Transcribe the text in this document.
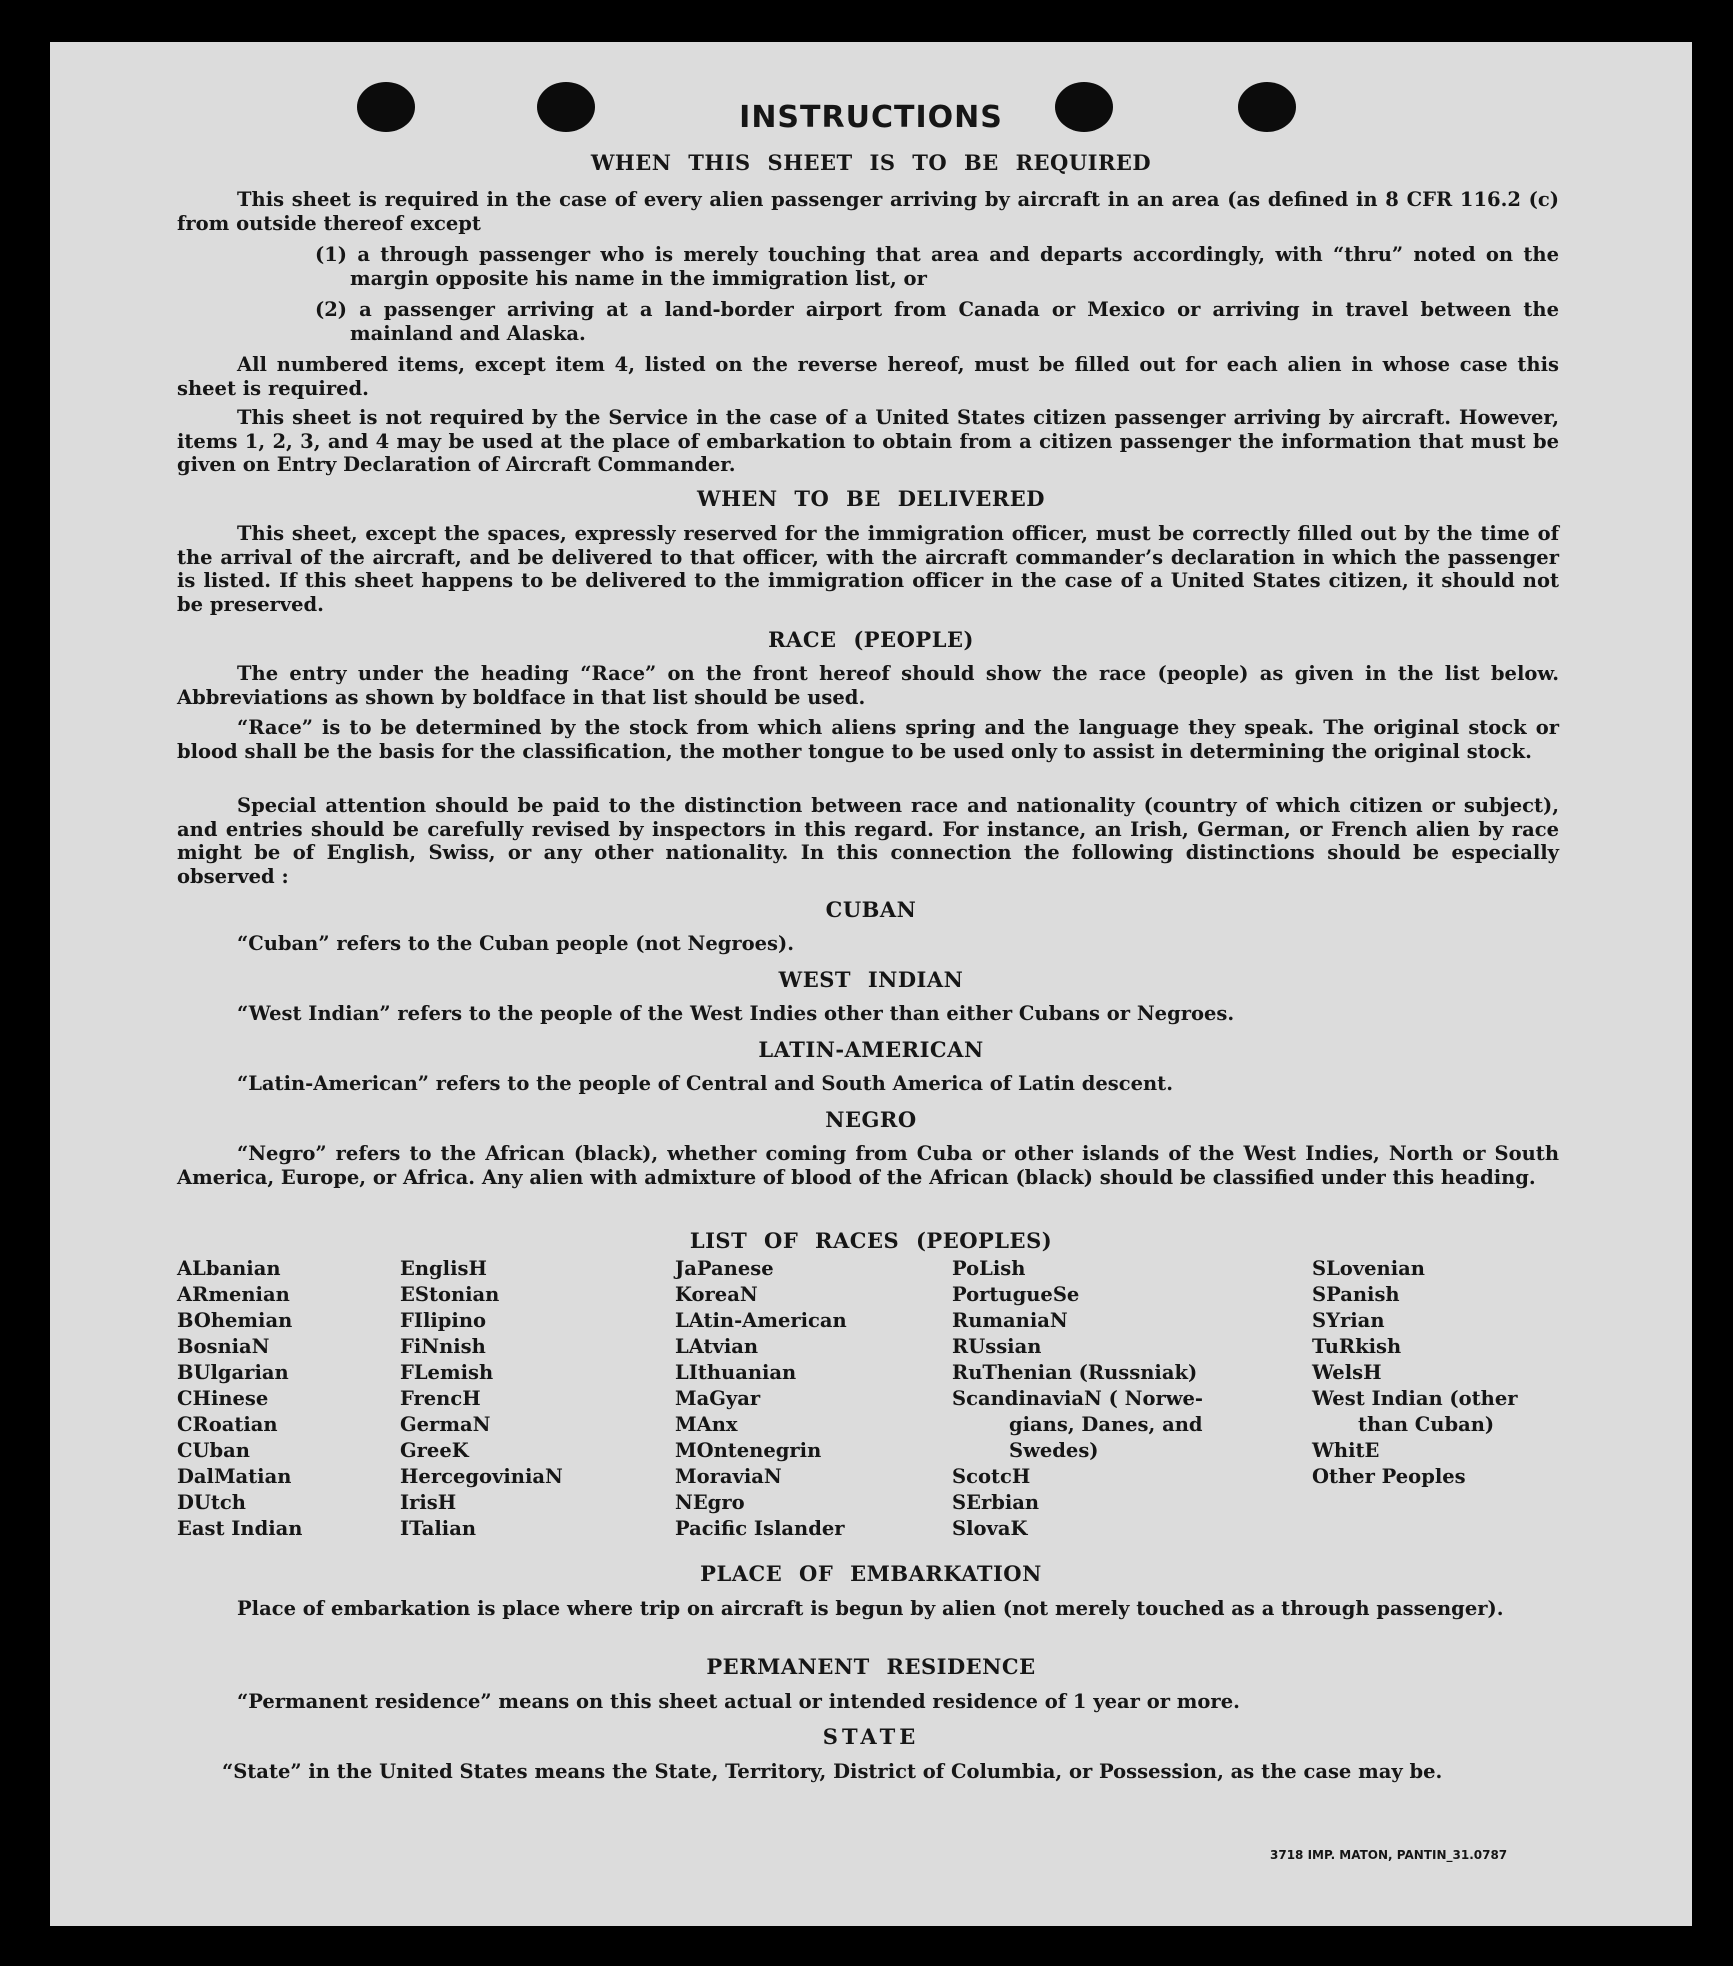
INSTRUCTIONS
WHEN THIS SHEET IS TO BE REQUIRED

This sheet is required in the case of every alien passenger arriving by aircraft in an area (as defined in 8 CFR 116.2 (c) from outside thereof except

(1) a through passenger who is merely touching that area and departs accordingly, with “thru” noted on the margin opposite his name in the immigration list, or

(2) a passenger arriving at a land-border airport from Canada or Mexico or arriving in travel between the mainland and Alaska.

All numbered items, except item 4, listed on the reverse hereof, must be filled out for each alien in whose case this sheet is required.

This sheet is not required by the Service in the case of a United States citizen passenger arriving by aircraft. However, items 1, 2, 3, and 4 may be used at the place of embarkation to obtain from a citizen passenger the information that must be given on Entry Declaration of Aircraft Commander.

WHEN TO BE DELIVERED

This sheet, except the spaces, expressly reserved for the immigration officer, must be correctly filled out by the time of the arrival of the aircraft, and be delivered to that officer, with the aircraft commander’s declaration in which the passenger is listed. If this sheet happens to be delivered to the immigration officer in the case of a United States citizen, it should not be preserved.

RACE (PEOPLE)

The entry under the heading “Race” on the front hereof should show the race (people) as given in the list below. Abbreviations as shown by boldface in that list should be used.

“Race” is to be determined by the stock from which aliens spring and the language they speak. The original stock or blood shall be the basis for the classification, the mother tongue to be used only to assist in determining the original stock.

Special attention should be paid to the distinction between race and nationality (country of which citizen or subject), and entries should be carefully revised by inspectors in this regard. For instance, an Irish, German, or French alien by race might be of English, Swiss, or any other nationality. In this connection the following distinctions should be especially observed :

CUBAN

“Cuban” refers to the Cuban people (not Negroes).

WEST INDIAN

“West Indian” refers to the people of the West Indies other than either Cubans or Negroes.

LATIN-AMERICAN

“Latin-American” refers to the people of Central and South America of Latin descent.

NEGRO

“Negro” refers to the African (black), whether coming from Cuba or other islands of the West Indies, North or South America, Europe, or Africa. Any alien with admixture of blood of the African (black) should be classified under this heading.

LIST OF RACES (PEOPLES)
ALbanian
ARmenian
BOhemian
BosniaN
BUlgarian
CHinese
CRoatian
CUban
DalMatian
DUtch
East Indian
EnglisH
EStonian
FIlipino
FiNnish
FLemish
FrencH
GermaN
GreeK
HercegoviniaN
IrisH
ITalian
JaPanese
KoreaN
LAtin-American
LAtvian
LIthuanian
MaGyar
MAnx
MOntenegrin
MoraviaN
NEgro
Pacific Islander
PoLish
PortugueSe
RumaniaN
RUssian
RuThenian (Russniak)
ScandinaviaN ( Norwe-
gians, Danes, and
Swedes)
ScotcH
SErbian
SlovaK
SLovenian
SPanish
SYrian
TuRkish
WelsH
West Indian (other
than Cuban)
WhitE
Other Peoples
PLACE OF EMBARKATION

Place of embarkation is place where trip on aircraft is begun by alien (not merely touched as a through passenger).

PERMANENT RESIDENCE

“Permanent residence” means on this sheet actual or intended residence of 1 year or more.

STATE

“State” in the United States means the State, Territory, District of Columbia, or Possession, as the case may be.

3718 IMP. MATON, PANTIN_31.0787
